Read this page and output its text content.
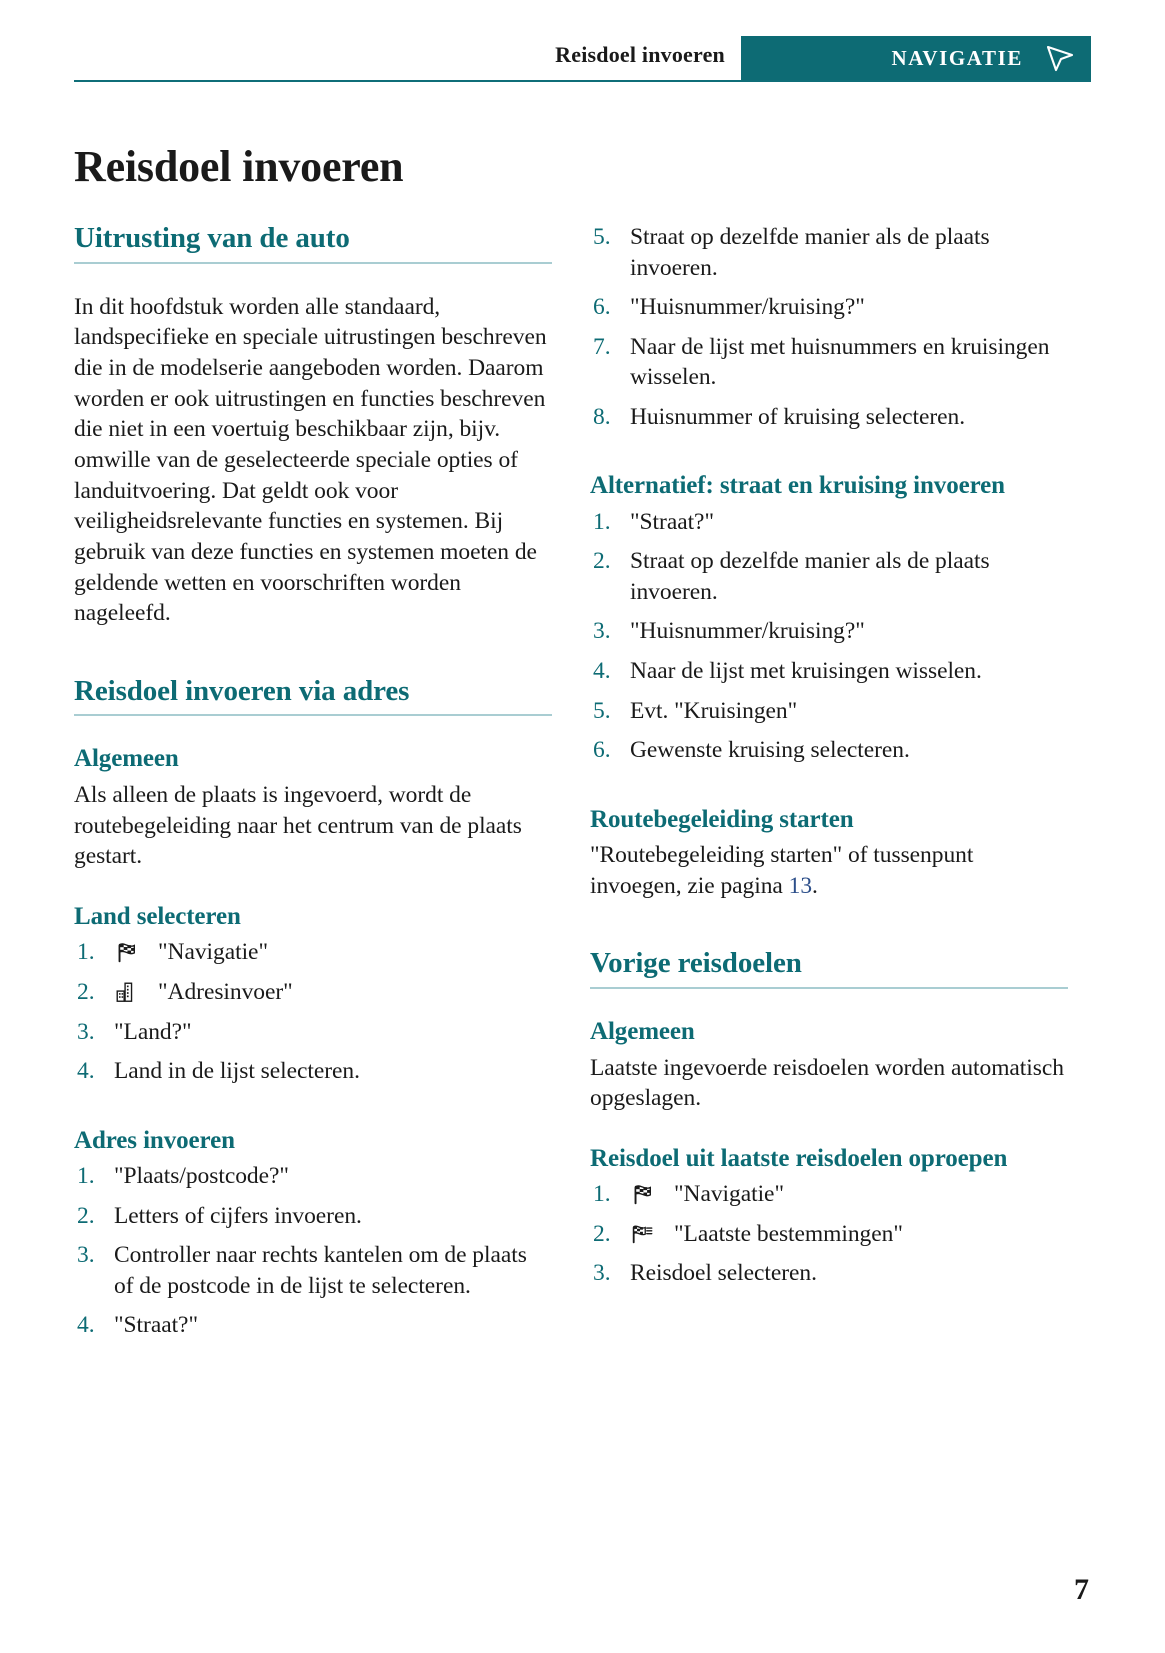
Reisdoel invoeren	NAVIGATIE
Reisdoel invoeren
Uitrusting van de auto

In dit hoofdstuk worden alle standaard, landspecifieke en speciale uitrustingen beschreven die in de modelserie aangeboden worden. Daarom worden er ook uitrustingen en functies beschreven die niet in een voertuig beschikbaar zijn, bijv. omwille van de geselecteerde speciale opties of landuitvoering. Dat geldt ook voor veiligheidsrelevante functies en systemen. Bij gebruik van deze functies en systemen moeten de geldende wetten en voorschriften worden nageleefd.

Reisdoel invoeren via adres
Algemeen

Als alleen de plaats is ingevoerd, wordt de routebegeleiding naar het centrum van de plaats gestart.

Land selecteren
1.	"Navigatie"
2.	"Adresinvoer"
3. "Land?"
4. Land in de lijst selecteren.
Adres invoeren
1. "Plaats/postcode?"
2. Letters of cijfers invoeren.
3. Controller naar rechts kantelen om de plaats of de postcode in de lijst te selecteren.
4. "Straat?"
5. Straat op dezelfde manier als de plaats invoeren.
6. "Huisnummer/kruising?"
7. Naar de lijst met huisnummers en kruisingen wisselen.
8. Huisnummer of kruising selecteren.
Alternatief: straat en kruising invoeren
1. "Straat?"
2. Straat op dezelfde manier als de plaats invoeren.
3. "Huisnummer/kruising?"
4. Naar de lijst met kruisingen wisselen.
5. Evt. "Kruisingen"
6. Gewenste kruising selecteren.
Routebegeleiding starten

"Routebegeleiding starten" of tussenpunt invoegen, zie pagina 13.

Vorige reisdoelen
Algemeen

Laatste ingevoerde reisdoelen worden automatisch opgeslagen.

Reisdoel uit laatste reisdoelen oproepen
1.	"Navigatie"
2.	"Laatste bestemmingen"
3. Reisdoel selecteren.
7
